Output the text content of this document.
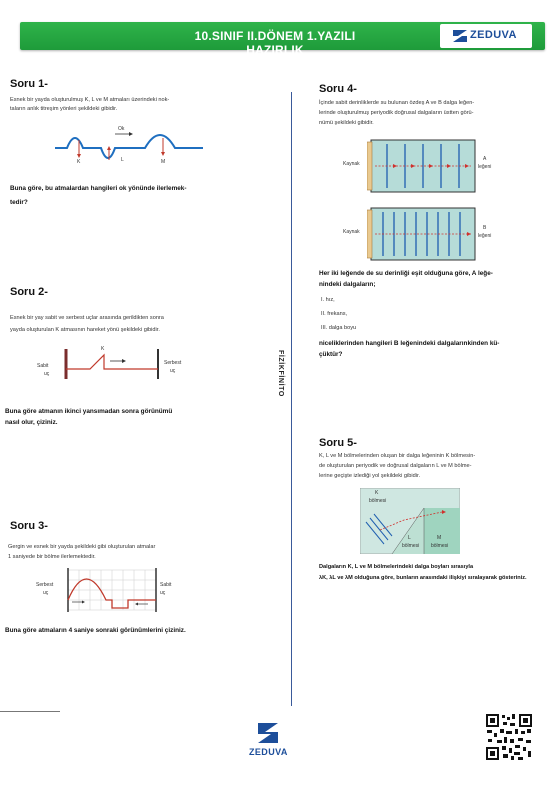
10.SINIF II.DÖNEM 1.YAZILI HAZIRLIK
ZEDUVA
FİZİKFİNİTO
Soru 1-
Esnek bir yayda oluşturulmuş K, L ve M atmaları üzerindeki nok-
taların anlık titreşim yönleri şekildeki gibidir.
Ok
K	L	M
Buna göre, bu atmalardan hangileri ok yönünde ilerlemek-
tedir?
Soru 2-
Esnek bir yay sabit ve serbest uçlar arasında gerildikten sonra
yayda oluşturulan K atmasının hareket yönü şekildeki gibidir.
K
Sabit
uç
Serbest
uç
Buna göre atmanın ikinci yansımadan sonra görünümü
nasıl olur, çiziniz.
Soru 3-
Gergin ve esnek bir yayda şekildeki gibi oluşturulan atmalar
1 saniyede bir bölme ilerlemektedir.
Serbest
uç
Sabit
uç
Buna göre atmaların 4 saniye sonraki görünümlerini çiziniz.
Soru 4-
İçinde sabit derinliklerde su bulunan özdeş A ve B dalga leğen-
lerinde oluşturulmuş periyodik doğrusal dalgaların üstten görü-
nümü şekildeki gibidir.
Kaynak
A
leğeni
Kaynak
B
leğeni
Her iki leğende de su derinliği eşit olduğuna göre, A leğe-
nindeki dalgaların;
I. hız,
II. frekans,
III. dalga boyu
niceliklerinden hangileri B leğenindeki dalgalarınkinden kü-
çüktür?
Soru 5-
K, L ve M bölmelerinden oluşan bir dalga leğeninin K bölmesin-
de oluşturulan periyodik ve doğrusal dalgaların L ve M bölme-
lerine geçişte izlediği yol şekildeki gibidir.
K
bölmesi
L
bölmesi
M
bölmesi
Dalgaların K, L ve M bölmelerindeki dalga boyları sırasıyla
λK, λL ve λM olduğuna göre, bunların arasındaki ilişkiyi sıralayarak gösteriniz.
ZEDUVA
